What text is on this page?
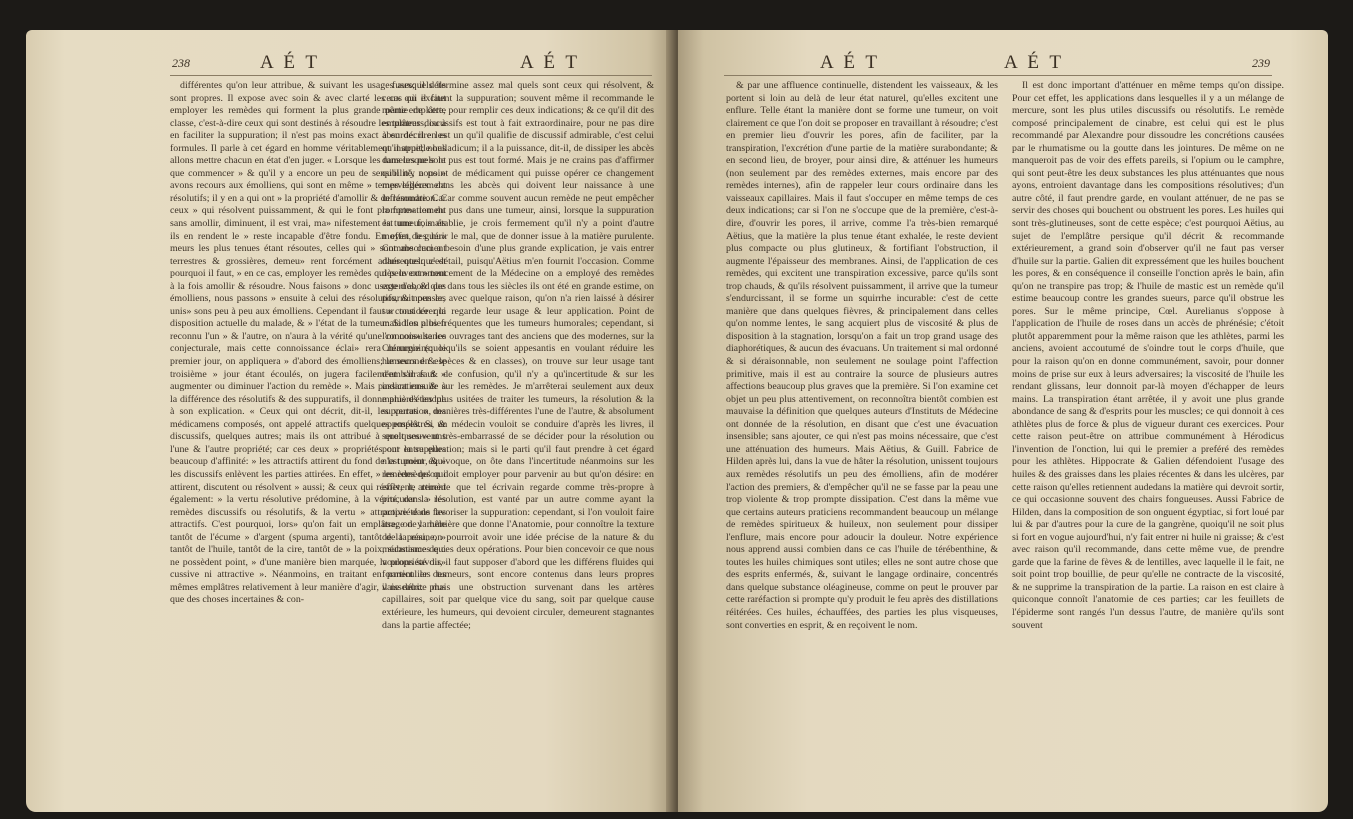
238	A É T	A É T

différentes qu'on leur attribue, & suivant les usages auxquels ils sont propres. Il expose avec soin & avec clarté les cas où il faut employer les remèdes qui forment la plus grande partie de cette classe, c'est-à-dire ceux qui sont destinés à résoudre les tumeurs, ou à en faciliter la suppuration; il n'est pas moins exact à en décrire les formules. Il parle à cet égard en homme véritablement instruit; nous allons mettre chacun en état d'en juger. « Lorsque les tumeurs ne sont que commencer » & qu'il y a encore un peu de sensibilité, nous » avons recours aux émolliens, qui sont en même » temps légérement résolutifs; il y en a qui ont » la propriété d'amollir & de résoudre. Car ceux » qui résolvent puissamment, & qui le font prompte» tement sans amollir, diminuent, il est vrai, ma» nifestement la tumeur, mais ils en rendent le » reste incapable d'être fondu. En effet, les hu» meurs les plus tenues étant résoutes, celles qui » sont absolument terrestres & grossières, demeu» rent forcément adhérentes: c'est pourquoi il faut, » en ce cas, employer les remèdes qui peuvent » tout à la fois amollir & résoudre. Nous faisons » donc usage d'abord des émolliens, nous passons » ensuite à celui des résolutifs, & nous les unis» sons peu à peu aux émolliens. Cependant il faut » considérer la disposition actuelle du malade, & » l'état de la tumeur. Si l'on a bien reconnu l'un » & l'autre, on n'aura à la vérité qu'une connois» sance conjecturale, mais cette connoissance éclai» rera néanmoins: le premier jour, on appliquera » d'abord des émolliens; le second & le troisième » jour étant écoulés, on jugera facilement s'il faut » augmenter ou diminuer l'action du remède ». Mais passant ensuite à la différence des résolutifs & des suppuratifs, il donne plus d'étendue à son explication. « Ceux qui ont décrit, dit-il, les vertus » des médicamens composés, ont appelé attractifs quelques emplâtres, & discussifs, quelques autres; mais ils ont attribué à quelques-» uns l'une & l'autre propriété; car ces deux » propriétés ont entre elles beaucoup d'affinité: » les attractifs attirent du fond de la tumeur, & » les discussifs enlèvent les parties attirées. En effet, » les remèdes qui attirent, discutent ou résolvent » aussi; & ceux qui résolvent, attirent également: » la vertu résolutive prédomine, à la vérité, dans » les remèdes discussifs ou résolutifs, & la vertu » attractive dans les attractifs. C'est pourquoi, lors» qu'on fait un emplâtre, on y mêle tantôt de l'écume » d'argent (spuma argenti), tantôt de la résine, » tantôt de l'huile, tantôt de la cire, tantôt de » la poix, substances qui ne possèdent point, » d'une manière bien marquée, la propriété dis» cussive ni attractive ». Néanmoins, en traitant en particulier des mêmes emplâtres relativement à leur manière d'agir, il ne débite plus que des choses incertaines & con-

fuses; il détermine assez mal quels sont ceux qui résolvent, & ceux qui excitent la suppuration; souvent même il recommande le même emplâtre, pour remplir ces deux indications; & ce qu'il dit des emplâtres discussifs est tout à fait extraordinaire, pour ne pas dire absurde: il en est un qu'il qualifie de discussif admirable, c'est celui qu'il appelle helladicum; il a la puissance, dit-il, de dissiper les abcès dans lesquels le pus est tout formé. Mais je ne crains pas d'affirmer qu'il n'y a point de médicament qui puisse opérer ce changement merveilleux dans les abcès qui doivent leur naissance à une inflammation. Car comme souvent aucun remède ne peut empêcher la formation du pus dans une tumeur, ainsi, lorsque la suppuration est une fois établie, je crois fermement qu'il n'y a point d'autre moyen de guérir le mal, que de donner issue à la matière purulente. Comme ceci a besoin d'une plus grande explication, je vais entrer dans quelque détail, puisqu'Aëtius m'en fournit l'occasion. Comme dès le commencement de la Médecine on a employé des remèdes externes, & que dans tous les siècles ils ont été en grande estime, on pourroit penser, avec quelque raison, qu'on n'a rien laissé à désirer sur tout ce qui regarde leur usage & leur application. Point de maladies plus fréquentes que les tumeurs humorales; cependant, si l'on consulte les ouvrages tant des anciens que des modernes, sur la Chirurgie (quoiqu'ils se soient appesantis en voulant réduire les humeurs en espèces & en classes), on trouve sur leur usage tant d'embarras & de confusion, qu'il n'y a qu'incertitude & sur les indications & sur les remèdes. Je m'arrêterai seulement aux deux manières les plus usitées de traiter les tumeurs, la résolution & la suppuration, manières très-différentes l'une de l'autre, & absolument opposées. Si un médecin vouloit se conduire d'après les livres, il seroit souvent très-embarrassé de se décider pour la résolution ou pour la suppuration; mais si le parti qu'il faut prendre à cet égard n'est point équivoque, on ôte dans l'incertitude néanmoins sur les remèdes qu'on doit employer pour parvenir au but qu'on désire: en effet, le remède que tel écrivain regarde comme très-propre à procurer la résolution, est vanté par un autre comme ayant la propriété de favoriser la suppuration: cependant, si l'on vouloit faire usage de la lumière que donne l'Anatomie, pour connoître la texture de la peau, on pourroit avoir une idée précise de la nature & du mécanisme de ces deux opérations. Pour bien concevoir ce que nous voulons savoir, il faut supposer d'abord que les différens fluides qui forment les tumeurs, sont encore contenus dans leurs propres vaisseaux: mais une obstruction survenant dans les artères capillaires, soit par quelque vice du sang, soit par quelque cause extérieure, les humeurs, qui devoient circuler, demeurent stagnantes dans la partie affectée;

A É T	A É T	239

& par une affluence continuelle, distendent les vaisseaux, & les portent si loin au delà de leur état naturel, qu'elles excitent une enflure. Telle étant la manière dont se forme une tumeur, on voit clairement ce que l'on doit se proposer en travaillant à résoudre; c'est en premier lieu d'ouvrir les pores, afin de faciliter, par la transpiration, l'excrétion d'une partie de la matière surabondante; & en second lieu, de broyer, pour ainsi dire, & atténuer les humeurs (non seulement par des remèdes externes, mais encore par des remèdes internes), afin de rappeler leur cours ordinaire dans les vaisseaux capillaires. Mais il faut s'occuper en même temps de ces deux indications; car si l'on ne s'occupe que de la première, c'est-à-dire, d'ouvrir les pores, il arrive, comme l'a très-bien remarqué Aëtius, que la matière la plus tenue étant exhalée, le reste devient plus compacte ou plus glutineux, & fortifiant l'obstruction, il augmente l'épaisseur des membranes. Ainsi, de l'application de ces remèdes, qui excitent une transpiration excessive, parce qu'ils sont trop chauds, & qu'ils résolvent puissamment, il arrive que la tumeur s'endurcissant, il se forme un squirrhe incurable: c'est de cette manière que dans quelques fièvres, & principalement dans celles qu'on nomme lentes, le sang acquiert plus de viscosité & plus de disposition à la stagnation, lorsqu'on a fait un trop grand usage des diaphorétiques, & aucun des évacuans. Un traitement si mal ordonné & si déraisonnable, non seulement ne soulage point l'affection primitive, mais il est au contraire la source de plusieurs autres affections beaucoup plus graves que la première. Si l'on examine cet objet un peu plus attentivement, on reconnoîtra bientôt combien est mauvaise la définition que quelques auteurs d'Instituts de Médecine ont donnée de la résolution, en disant que c'est une évacuation insensible; sans ajouter, ce qui n'est pas moins nécessaire, que c'est une atténuation des humeurs. Mais Aëtius, & Guill. Fabrice de Hilden après lui, dans la vue de hâter la résolution, unissent toujours aux remèdes résolutifs un peu des émolliens, afin de modérer l'action des premiers, & d'empêcher qu'il ne se fasse par la peau une trop violente & trop prompte dissipation. C'est dans la même vue que certains auteurs praticiens recommandent beaucoup un mélange de remèdes spiritueux & huileux, non seulement pour dissiper l'enflure, mais encore pour adoucir la douleur. Notre expérience nous apprend aussi combien dans ce cas l'huile de térébenthine, & toutes les huiles chimiques sont utiles; elles ne sont autre chose que des esprits enfermés, &, suivant le langage ordinaire, concentrés dans quelque substance oléagineuse, comme on peut le prouver par cette raréfaction si prompte qu'y produit le feu après des distillations réitérées. Ces huiles, échauffées, des parties les plus visqueuses, sont converties en esprit, & en reçoivent le nom.

Il est donc important d'atténuer en même temps qu'on dissipe. Pour cet effet, les applications dans lesquelles il y a un mélange de mercure, sont les plus utiles discussifs ou résolutifs. Le remède composé principalement de cinabre, est celui qui est le plus recommandé par Alexandre pour dissoudre les concrétions causées par le rhumatisme ou la goutte dans les jointures. De même on ne manqueroit pas de voir des effets pareils, si l'opium ou le camphre, qui sont peut-être les deux substances les plus atténuantes que nous ayons, entroient davantage dans les compositions résolutives; d'un autre côté, il faut prendre garde, en voulant atténuer, de ne pas se servir des choses qui bouchent ou obstruent les pores. Les huiles qui sont très-glutineuses, sont de cette espèce; c'est pourquoi Aëtius, au sujet de l'emplâtre persique qu'il décrit & recommande extérieurement, a grand soin d'observer qu'il ne faut pas verser d'huile sur la partie. Galien dit expressément que les huiles bouchent les pores, & en conséquence il conseille l'onction après le bain, afin qu'on ne transpire pas trop; & l'huile de mastic est un remède qu'il estime beaucoup contre les grandes sueurs, parce qu'il obstrue les pores. Sur le même principe, Cœl. Aurelianus s'oppose à l'application de l'huile de roses dans un accès de phrénésie; c'étoit plutôt apparemment pour la même raison que les athlètes, parmi les anciens, avoient accoutumé de s'oindre tout le corps d'huile, que pour la raison qu'on en donne communément, savoir, pour donner moins de prise sur eux à leurs adversaires; la viscosité de l'huile les rendant glissans, leur donnoit par-là moyen d'échapper de leurs mains. La transpiration étant arrêtée, il y avoit une plus grande abondance de sang & d'esprits pour les muscles; ce qui donnoit à ces athlètes plus de force & plus de vigueur durant ces exercices. Pour cette raison peut-être on attribue communément à Hérodicus l'invention de l'onction, lui qui le premier a preféré des remèdes pour les athlètes. Hippocrate & Galien défendoient l'usage des huiles & des graisses dans les plaies récentes & dans les ulcères, par cette raison qu'elles retiennent audedans la matière qui devroit sortir, ce qui occasionne souvent des chairs fongueuses. Aussi Fabrice de Hilden, dans la composition de son onguent égyptiac, si fort loué par lui & par d'autres pour la cure de la gangrène, quoiqu'il ne soit plus si fort en vogue aujourd'hui, n'y fait entrer ni huile ni graisse; & c'est avec raison qu'il recommande, dans cette même vue, de prendre garde que la farine de fèves & de lentilles, avec laquelle il le fait, ne soit point trop bouillie, de peur qu'elle ne contracte de la viscosité, & ne supprime la transpiration de la partie. La raison en est claire à quiconque connoît l'anatomie de ces parties; car les feuillets de l'épiderme sont rangés l'un dessus l'autre, de manière qu'ils sont souvent
